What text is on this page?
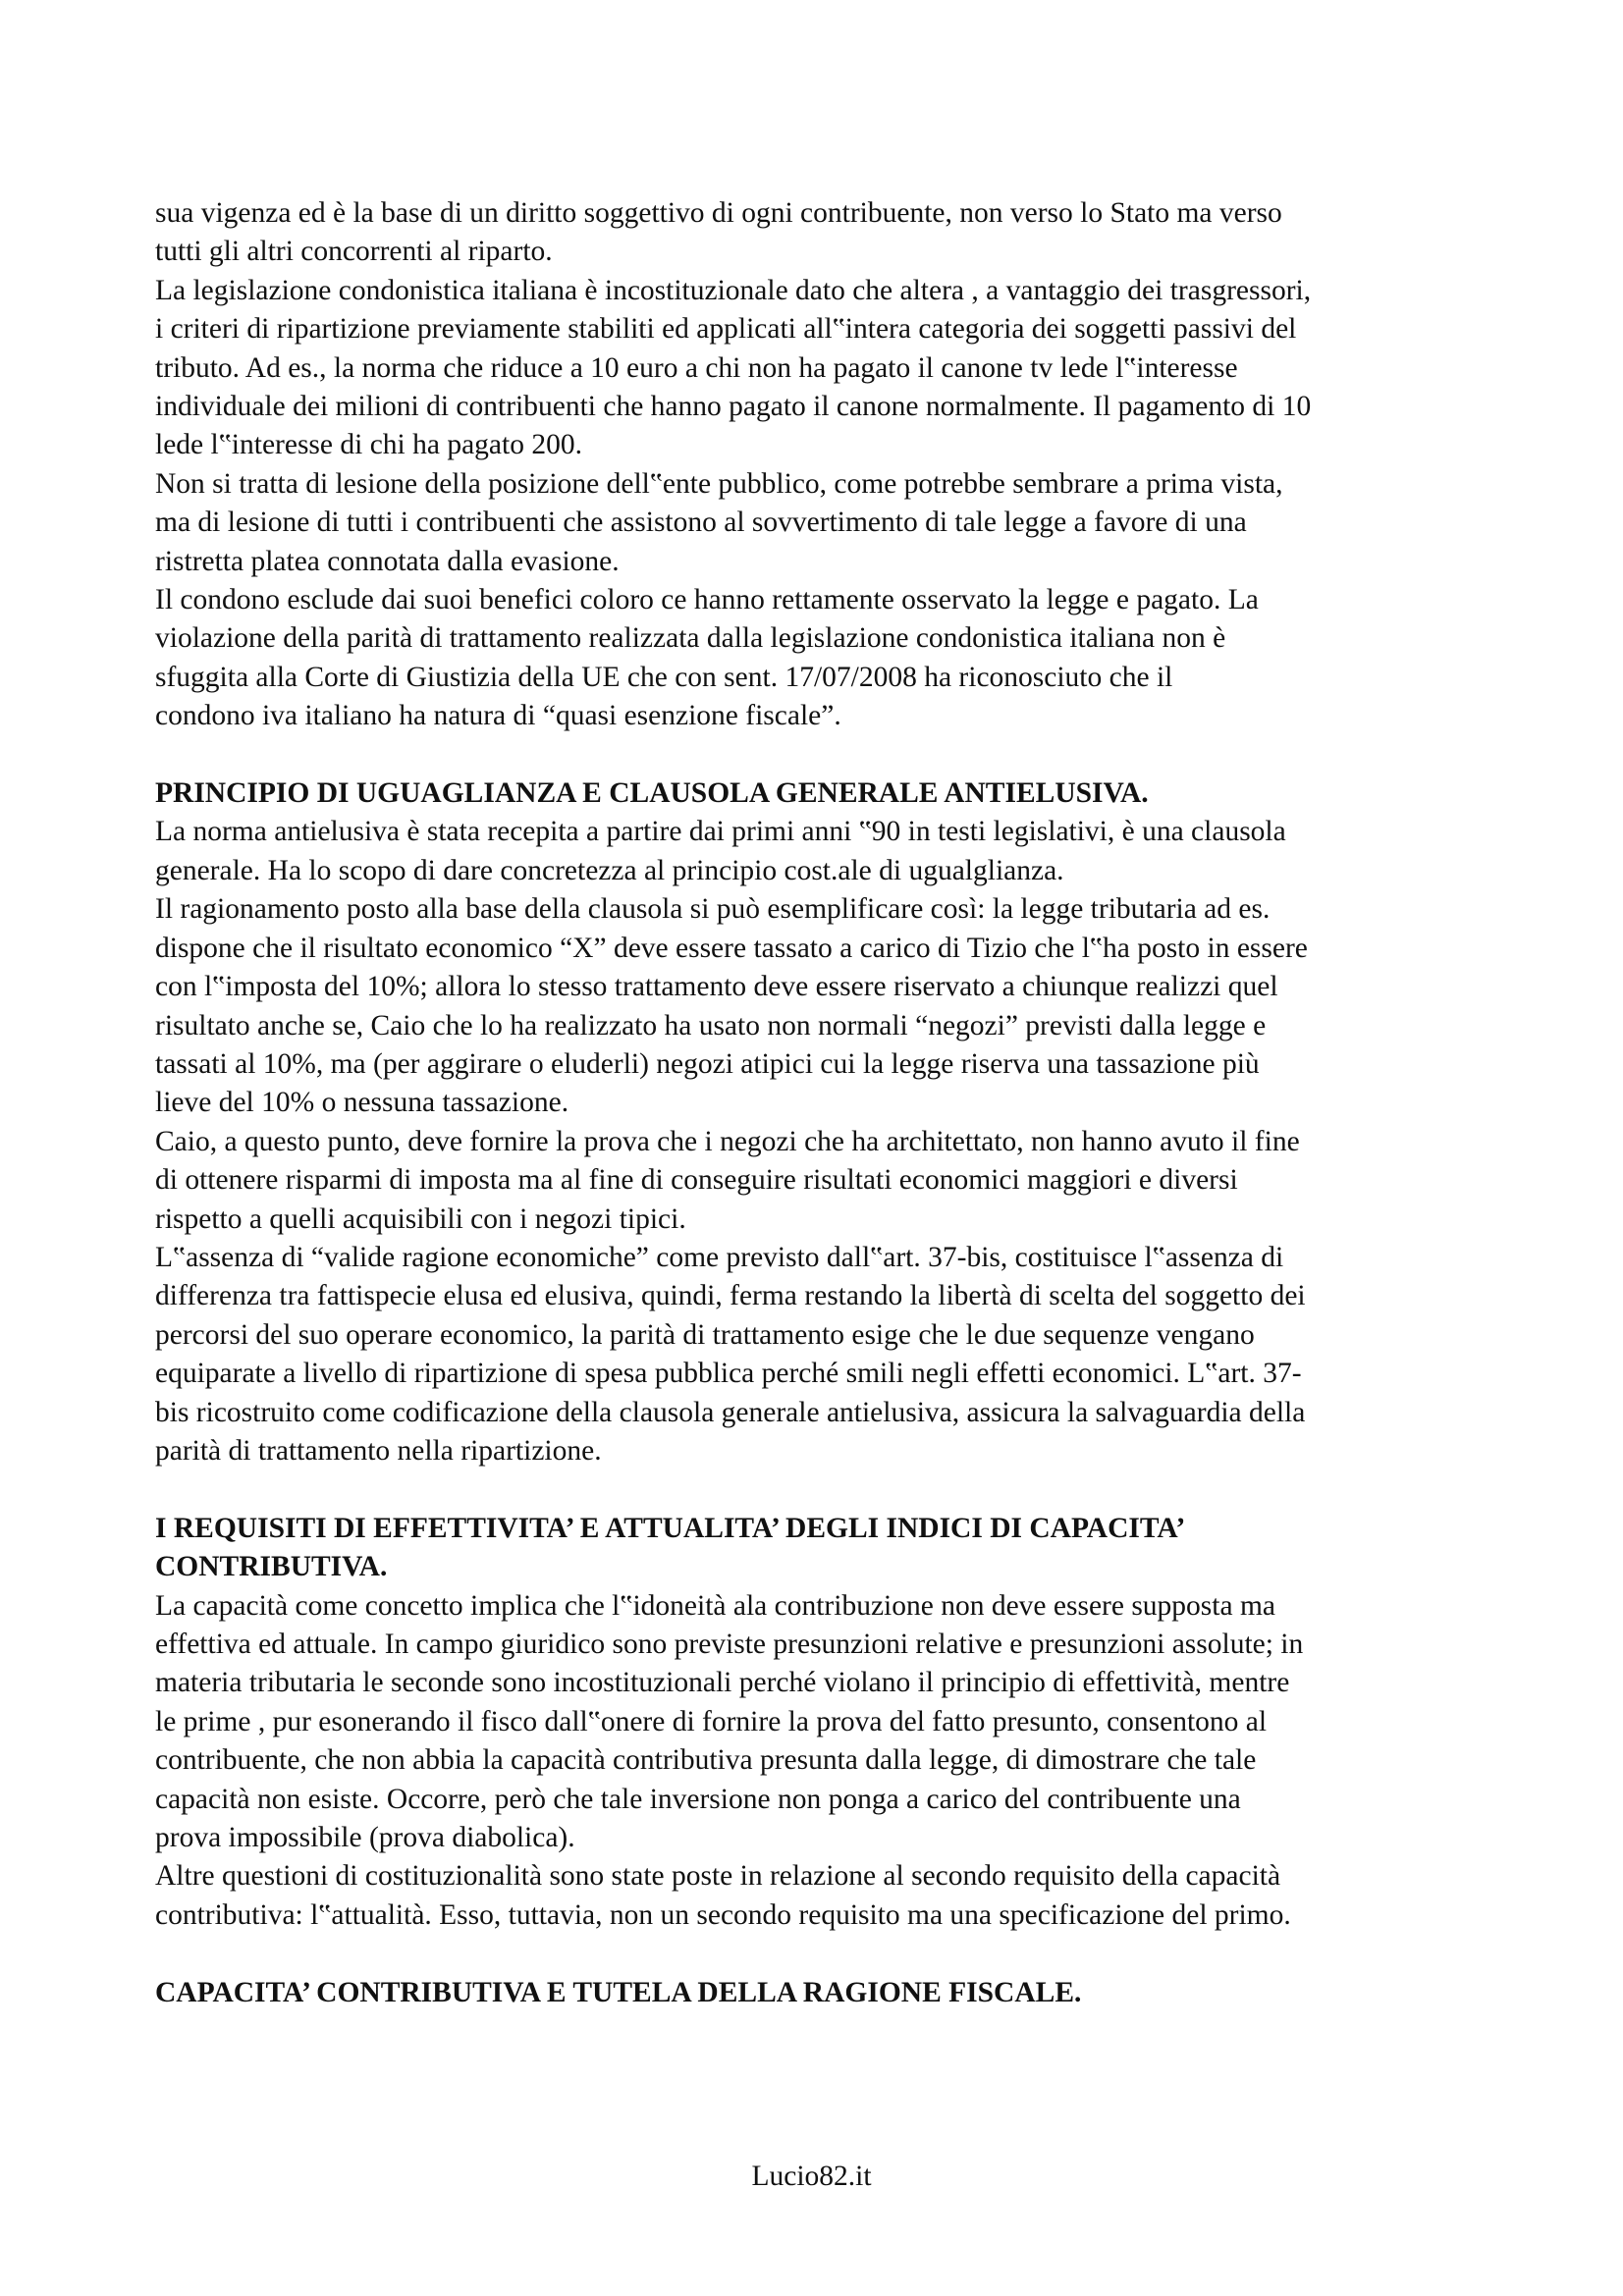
sua vigenza ed è la base di un diritto soggettivo di ogni contribuente, non verso lo Stato ma verso
tutti gli altri concorrenti al riparto.

La legislazione condonistica italiana è incostituzionale dato che altera , a vantaggio dei trasgressori,
i criteri di ripartizione previamente stabiliti ed applicati all‟intera categoria dei soggetti passivi del
tributo. Ad es., la norma che riduce a 10 euro a chi non ha pagato il canone tv lede l‟interesse
individuale dei milioni di contribuenti che hanno pagato il canone normalmente. Il pagamento di 10
lede l‟interesse di chi ha pagato 200.

Non si tratta di lesione della posizione dell‟ente pubblico, come potrebbe sembrare a prima vista,
ma di lesione di tutti i contribuenti che assistono al sovvertimento di tale legge a favore di una
ristretta platea connotata dalla evasione.

Il condono esclude dai suoi benefici coloro ce hanno rettamente osservato la legge e pagato. La
violazione della parità di trattamento realizzata dalla legislazione condonistica italiana non è
sfuggita alla Corte di Giustizia della UE che con sent. 17/07/2008 ha riconosciuto che il
condono iva italiano ha natura di “quasi esenzione fiscale”.

PRINCIPIO DI UGUAGLIANZA E CLAUSOLA GENERALE ANTIELUSIVA.

La norma antielusiva è stata recepita a partire dai primi anni ‟90 in testi legislativi, è una clausola
generale. Ha lo scopo di dare concretezza al principio cost.ale di ugualglianza.

Il ragionamento posto alla base della clausola si può esemplificare così: la legge tributaria ad es.
dispone che il risultato economico “X” deve essere tassato a carico di Tizio che l‟ha posto in essere
con l‟imposta del 10%; allora lo stesso trattamento deve essere riservato a chiunque realizzi quel
risultato anche se, Caio che lo ha realizzato ha usato non normali “negozi” previsti dalla legge e
tassati al 10%, ma (per aggirare o eluderli) negozi atipici cui la legge riserva una tassazione più
lieve del 10% o nessuna tassazione.

Caio, a questo punto, deve fornire la prova che i negozi che ha architettato, non hanno avuto il fine
di ottenere risparmi di imposta ma al fine di conseguire risultati economici maggiori e diversi
rispetto a quelli acquisibili con i negozi tipici.

L‟assenza di “valide ragione economiche” come previsto dall‟art. 37-bis, costituisce l‟assenza di
differenza tra fattispecie elusa ed elusiva, quindi, ferma restando la libertà di scelta del soggetto dei
percorsi del suo operare economico, la parità di trattamento esige che le due sequenze vengano
equiparate a livello di ripartizione di spesa pubblica perché smili negli effetti economici. L‟art. 37-
bis ricostruito come codificazione della clausola generale antielusiva, assicura la salvaguardia della
parità di trattamento nella ripartizione.

I REQUISITI DI EFFETTIVITA’ E ATTUALITA’ DEGLI INDICI DI CAPACITA’
CONTRIBUTIVA.

La capacità come concetto implica che l‟idoneità ala contribuzione non deve essere supposta ma
effettiva ed attuale. In campo giuridico sono previste presunzioni relative e presunzioni assolute; in
materia tributaria le seconde sono incostituzionali perché violano il principio di effettività, mentre
le prime , pur esonerando il fisco dall‟onere di fornire la prova del fatto presunto, consentono al
contribuente, che non abbia la capacità contributiva presunta dalla legge, di dimostrare che tale
capacità non esiste. Occorre, però che tale inversione non ponga a carico del contribuente una
prova impossibile (prova diabolica).

Altre questioni di costituzionalità sono state poste in relazione al secondo requisito della capacità
contributiva: l‟attualità. Esso, tuttavia, non un secondo requisito ma una specificazione del primo.

CAPACITA’ CONTRIBUTIVA E TUTELA DELLA RAGIONE FISCALE.

Lucio82.it
